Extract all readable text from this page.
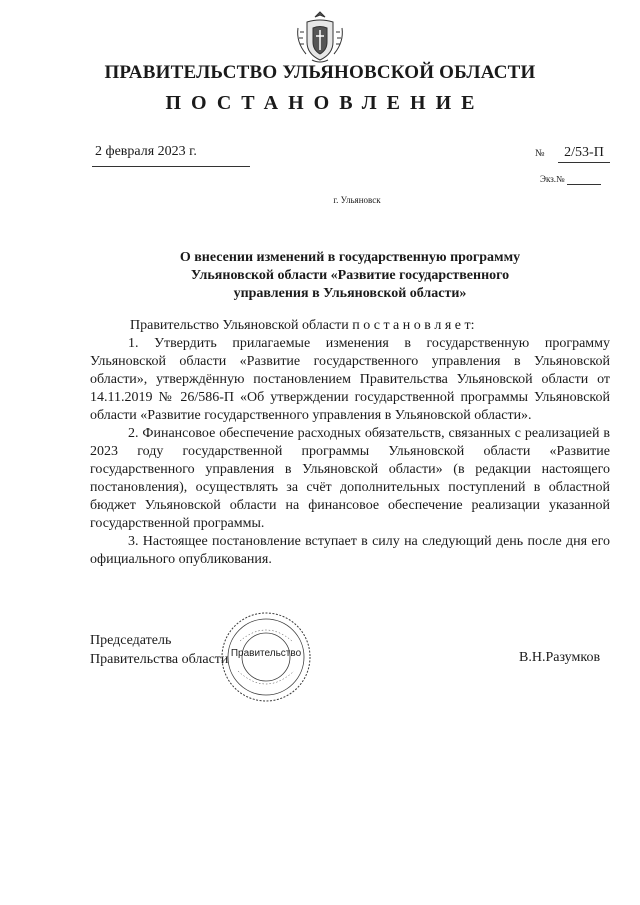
ПРАВИТЕЛЬСТВО УЛЬЯНОВСКОЙ ОБЛАСТИ
ПОСТАНОВЛЕНИЕ
2 февраля 2023 г.	№	2/53-П
Экз.№
г. Ульяновск
О внесении изменений в государственную программу
Ульяновской области «Развитие государственного
управления в Ульяновской области»

Правительство Ульяновской области п о с т а н о в л я е т:

1. Утвердить прилагаемые изменения в государственную программу Ульяновской области «Развитие государственного управления в Ульяновской области», утверждённую постановлением Правительства Ульяновской области от 14.11.2019 № 26/586-П «Об утверждении государственной программы Ульяновской области «Развитие государственного управления в Ульяновской области».

2. Финансовое обеспечение расходных обязательств, связанных с реализацией в 2023 году государственной программы Ульяновской области «Развитие государственного управления в Ульяновской области» (в редакции настоящего постановления), осуществлять за счёт дополнительных поступлений в областной бюджет Ульяновской области на финансовое обеспечение реализации указанной государственной программы.

3. Настоящее постановление вступает в силу на следующий день после дня его официального опубликования.

Председатель
Правительства области	В.Н.Разумков
Правительство
